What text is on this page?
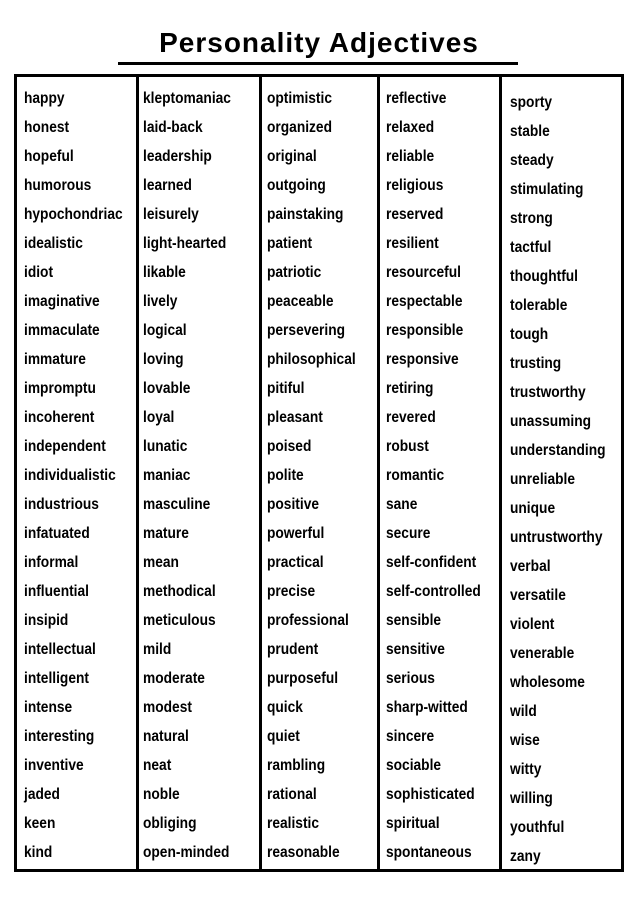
Personality Adjectives
happy
honest
hopeful
humorous
hypochondriac
idealistic
idiot
imaginative
immaculate
immature
impromptu
incoherent
independent
individualistic
industrious
infatuated
informal
influential
insipid
intellectual
intelligent
intense
interesting
inventive
jaded
keen
kind
kleptomaniac
laid-back
leadership
learned
leisurely
light-hearted
likable
lively
logical
loving
lovable
loyal
lunatic
maniac
masculine
mature
mean
methodical
meticulous
mild
moderate
modest
natural
neat
noble
obliging
open-minded
optimistic
organized
original
outgoing
painstaking
patient
patriotic
peaceable
persevering
philosophical
pitiful
pleasant
poised
polite
positive
powerful
practical
precise
professional
prudent
purposeful
quick
quiet
rambling
rational
realistic
reasonable
reflective
relaxed
reliable
religious
reserved
resilient
resourceful
respectable
responsible
responsive
retiring
revered
robust
romantic
sane
secure
self-confident
self-controlled
sensible
sensitive
serious
sharp-witted
sincere
sociable
sophisticated
spiritual
spontaneous
sporty
stable
steady
stimulating
strong
tactful
thoughtful
tolerable
tough
trusting
trustworthy
unassuming
understanding
unreliable
unique
untrustworthy
verbal
versatile
violent
venerable
wholesome
wild
wise
witty
willing
youthful
zany
